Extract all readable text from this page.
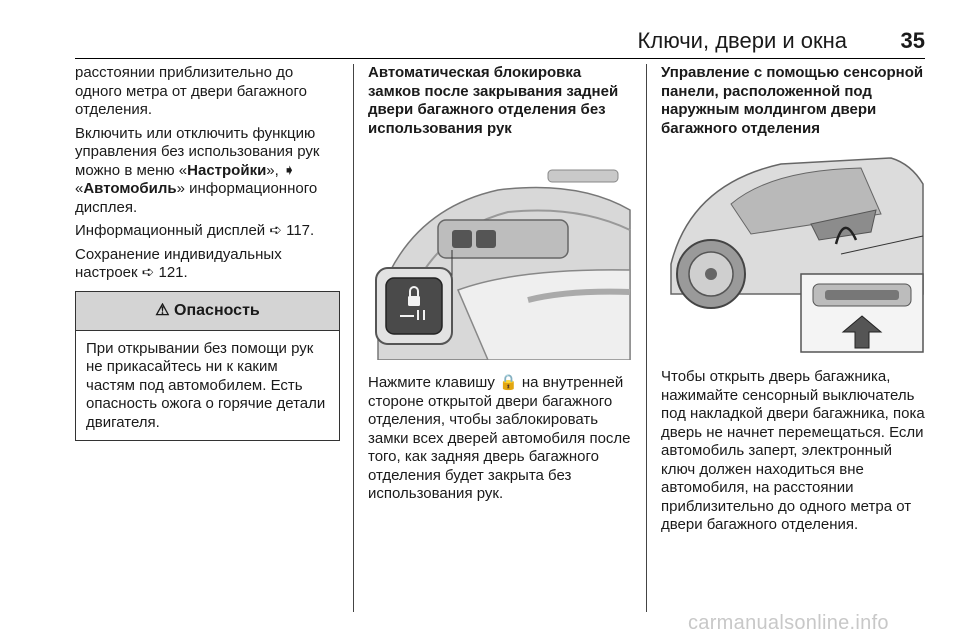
Ключи, двери и окна 35

расстоянии приблизительно до одного метра от двери багажного отделения.

Включить или отключить функцию управления без использования рук можно в меню «Настройки», ➧ «Автомобиль» информационного дисплея.

Информационный дисплей ➪ 117.

Сохранение индивидуальных настроек ➪ 121.

⚠ Опасность

При открывании без помощи рук не прикасайтесь ни к каким частям под автомобилем. Есть опасность ожога о горячие детали двигателя.

Автоматическая блокировка замков после закрывания задней двери багажного отделения без использования рук

Нажмите клавишу 🔒 на внутренней стороне открытой двери багажного отделения, чтобы заблокировать замки всех дверей автомобиля после того, как задняя дверь багажного отделения будет закрыта без использования рук.

Управление с помощью сенсорной панели, расположенной под наружным молдингом двери багажного отделения

Чтобы открыть дверь багажника, нажимайте сенсорный выключатель под накладкой двери багажника, пока дверь не начнет перемещаться. Если автомобиль заперт, электронный ключ должен находиться вне автомобиля, на расстоянии приблизительно до одного метра от двери багажного отделения.

carmanualsonline.info
